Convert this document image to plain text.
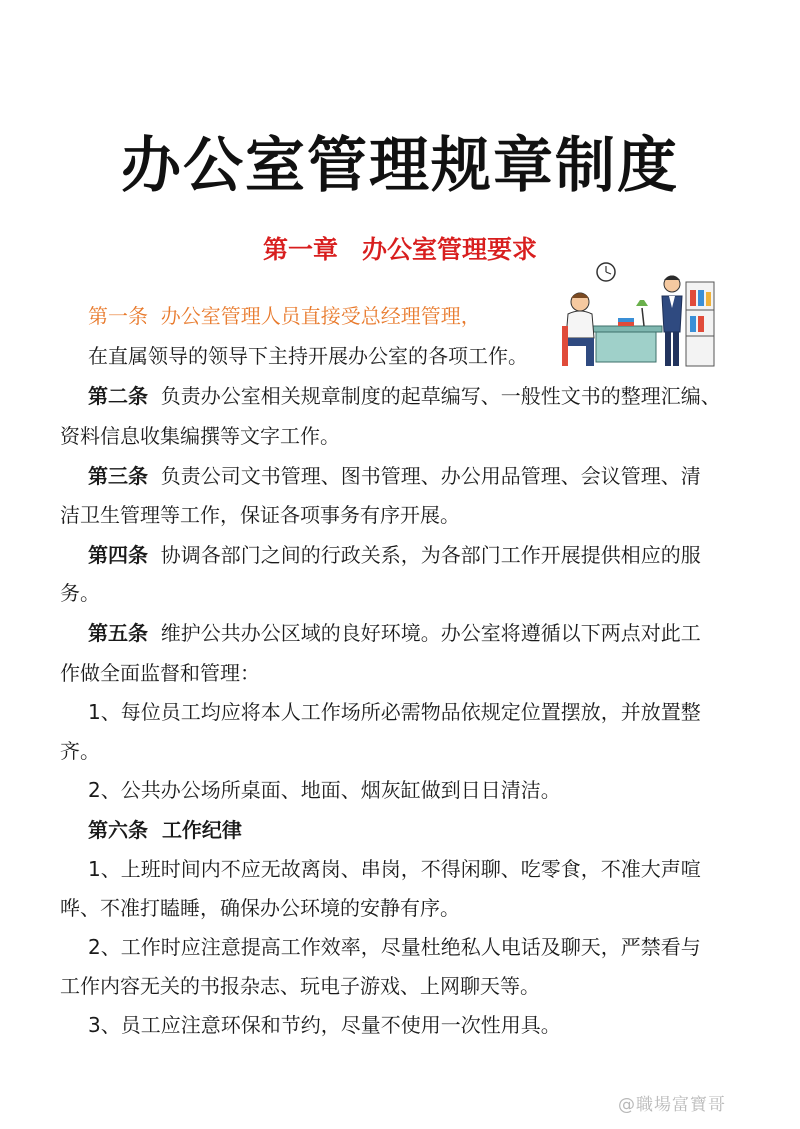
办公室管理规章制度
第一章 办公室管理要求
第一条 办公室管理人员直接受总经理管理，
在直属领导的领导下主持开展办公室的各项工作。
第二条 负责办公室相关规章制度的起草编写、一般性文书的整理汇编、
资料信息收集编撰等文字工作。
第三条 负责公司文书管理、图书管理、办公用品管理、会议管理、清
洁卫生管理等工作，保证各项事务有序开展。
第四条 协调各部门之间的行政关系，为各部门工作开展提供相应的服
务。
第五条 维护公共办公区域的良好环境。办公室将遵循以下两点对此工
作做全面监督和管理：
1、每位员工均应将本人工作场所必需物品依规定位置摆放，并放置整
齐。
2、公共办公场所桌面、地面、烟灰缸做到日日清洁。
第六条 工作纪律
1、上班时间内不应无故离岗、串岗，不得闲聊、吃零食，不准大声喧
哗、不准打瞌睡，确保办公环境的安静有序。
2、工作时应注意提高工作效率，尽量杜绝私人电话及聊天，严禁看与
工作内容无关的书报杂志、玩电子游戏、上网聊天等。
3、员工应注意环保和节约，尽量不使用一次性用具。
@職場富寶哥
